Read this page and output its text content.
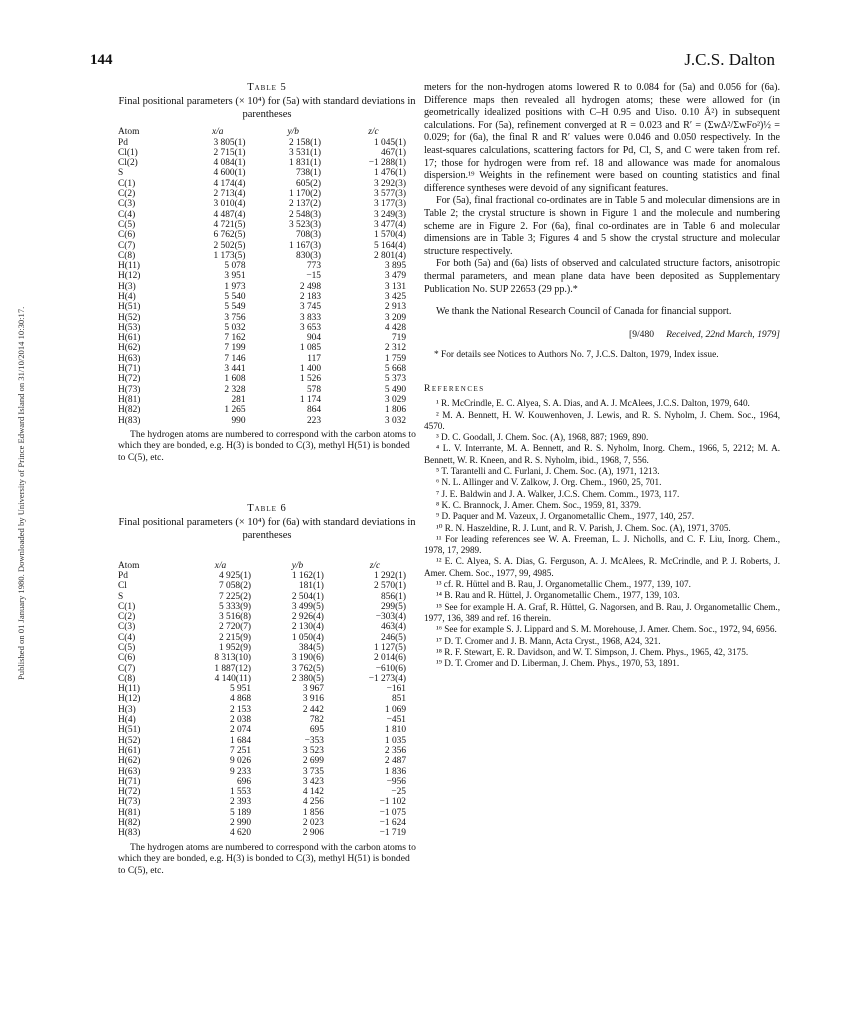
144	J.C.S. Dalton
Published on 01 January 1980. Downloaded by University of Prince Edward Island on 31/10/2014 10:30:17.

Table 5

Final positional parameters (× 10⁴) for (5a) with standard deviations in parentheses

Atom	x/a	y/b	z/c
Pd	3 805(1)	2 158(1)	1 045(1)
Cl(1)	2 715(1)	3 531(1)	467(1)
Cl(2)	4 084(1)	1 831(1)	−1 288(1)
S	4 600(1)	738(1)	1 476(1)
C(1)	4 174(4)	605(2)	3 292(3)
C(2)	2 713(4)	1 170(2)	3 577(3)
C(3)	3 010(4)	2 137(2)	3 177(3)
C(4)	4 487(4)	2 548(3)	3 249(3)
C(5)	4 721(5)	3 523(3)	3 477(4)
C(6)	6 762(5)	708(3)	1 570(4)
C(7)	2 502(5)	1 167(3)	5 164(4)
C(8)	1 173(5)	830(3)	2 801(4)
H(11)	5 078	773	3 895
H(12)	3 951	−15	3 479
H(3)	1 973	2 498	3 131
H(4)	5 540	2 183	3 425
H(51)	5 549	3 745	2 913
H(52)	3 756	3 833	3 209
H(53)	5 032	3 653	4 428
H(61)	7 162	904	719
H(62)	7 199	1 085	2 312
H(63)	7 146	117	1 759
H(71)	3 441	1 400	5 668
H(72)	1 608	1 526	5 373
H(73)	2 328	578	5 490
H(81)	281	1 174	3 029
H(82)	1 265	864	1 806
H(83)	990	223	3 032

The hydrogen atoms are numbered to correspond with the carbon atoms to which they are bonded, e.g. H(3) is bonded to C(3), methyl H(51) is bonded to C(5), etc.

Table 6

Final positional parameters (× 10⁴) for (6a) with standard deviations in parentheses

Atom	x/a	y/b	z/c
Pd	4 925(1)	1 162(1)	1 292(1)
Cl	7 058(2)	181(1)	2 570(1)
S	7 225(2)	2 504(1)	856(1)
C(1)	5 333(9)	3 499(5)	299(5)
C(2)	3 516(8)	2 926(4)	−303(4)
C(3)	2 720(7)	2 130(4)	463(4)
C(4)	2 215(9)	1 050(4)	246(5)
C(5)	1 952(9)	384(5)	1 127(5)
C(6)	8 313(10)	3 190(6)	2 014(6)
C(7)	1 887(12)	3 762(5)	−610(6)
C(8)	4 140(11)	2 380(5)	−1 273(4)
H(11)	5 951	3 967	−161
H(12)	4 868	3 916	851
H(3)	2 153	2 442	1 069
H(4)	2 038	782	−451
H(51)	2 074	695	1 810
H(52)	1 684	−353	1 035
H(61)	7 251	3 523	2 356
H(62)	9 026	2 699	2 487
H(63)	9 233	3 735	1 836
H(71)	696	3 423	−956
H(72)	1 553	4 142	−25
H(73)	2 393	4 256	−1 102
H(81)	5 189	1 856	−1 075
H(82)	2 990	2 023	−1 624
H(83)	4 620	2 906	−1 719

The hydrogen atoms are numbered to correspond with the carbon atoms to which they are bonded, e.g. H(3) is bonded to C(3), methyl H(51) is bonded to C(5), etc.

meters for the non-hydrogen atoms lowered R to 0.084 for (5a) and 0.056 for (6a). Difference maps then revealed all hydrogen atoms; these were allowed for (in geometrically idealized positions with C–H 0.95 and Uiso. 0.10 Å²) in subsequent calculations. For (5a), refinement converged at R = 0.023 and R′ = (ΣwΔ²/ΣwFo²)½ = 0.029; for (6a), the final R and R′ values were 0.046 and 0.050 respectively. In the least-squares calculations, scattering factors for Pd, Cl, S, and C were taken from ref. 17; those for hydrogen were from ref. 18 and allowance was made for anomalous dispersion.¹⁹ Weights in the refinement were based on counting statistics and final difference syntheses were devoid of any significant features.

For (5a), final fractional co-ordinates are in Table 5 and molecular dimensions are in Table 2; the crystal structure is shown in Figure 1 and the molecule and numbering scheme are in Figure 2. For (6a), final co-ordinates are in Table 6 and molecular dimensions are in Table 3; Figures 4 and 5 show the crystal structure and molecular structure respectively.

For both (5a) and (6a) lists of observed and calculated structure factors, anisotropic thermal parameters, and mean plane data have been deposited as Supplementary Publication No. SUP 22653 (29 pp.).*

We thank the National Research Council of Canada for financial support.

[9/480 Received, 22nd March, 1979]

* For details see Notices to Authors No. 7, J.C.S. Dalton, 1979, Index issue.

References

¹ R. McCrindle, E. C. Alyea, S. A. Dias, and A. J. McAlees, J.C.S. Dalton, 1979, 640.

² M. A. Bennett, H. W. Kouwenhoven, J. Lewis, and R. S. Nyholm, J. Chem. Soc., 1964, 4570.

³ D. C. Goodall, J. Chem. Soc. (A), 1968, 887; 1969, 890.

⁴ L. V. Interrante, M. A. Bennett, and R. S. Nyholm, Inorg. Chem., 1966, 5, 2212; M. A. Bennett, W. R. Kneen, and R. S. Nyholm, ibid., 1968, 7, 556.

⁵ T. Tarantelli and C. Furlani, J. Chem. Soc. (A), 1971, 1213.

⁶ N. L. Allinger and V. Zalkow, J. Org. Chem., 1960, 25, 701.

⁷ J. E. Baldwin and J. A. Walker, J.C.S. Chem. Comm., 1973, 117.

⁸ K. C. Brannock, J. Amer. Chem. Soc., 1959, 81, 3379.

⁹ D. Paquer and M. Vazeux, J. Organometallic Chem., 1977, 140, 257.

¹⁰ R. N. Haszeldine, R. J. Lunt, and R. V. Parish, J. Chem. Soc. (A), 1971, 3705.

¹¹ For leading references see W. A. Freeman, L. J. Nicholls, and C. F. Liu, Inorg. Chem., 1978, 17, 2989.

¹² E. C. Alyea, S. A. Dias, G. Ferguson, A. J. McAlees, R. McCrindle, and P. J. Roberts, J. Amer. Chem. Soc., 1977, 99, 4985.

¹³ cf. R. Hüttel and B. Rau, J. Organometallic Chem., 1977, 139, 107.

¹⁴ B. Rau and R. Hüttel, J. Organometallic Chem., 1977, 139, 103.

¹⁵ See for example H. A. Graf, R. Hüttel, G. Nagorsen, and B. Rau, J. Organometallic Chem., 1977, 136, 389 and ref. 16 therein.

¹⁶ See for example S. J. Lippard and S. M. Morehouse, J. Amer. Chem. Soc., 1972, 94, 6956.

¹⁷ D. T. Cromer and J. B. Mann, Acta Cryst., 1968, A24, 321.

¹⁸ R. F. Stewart, E. R. Davidson, and W. T. Simpson, J. Chem. Phys., 1965, 42, 3175.

¹⁹ D. T. Cromer and D. Liberman, J. Chem. Phys., 1970, 53, 1891.
